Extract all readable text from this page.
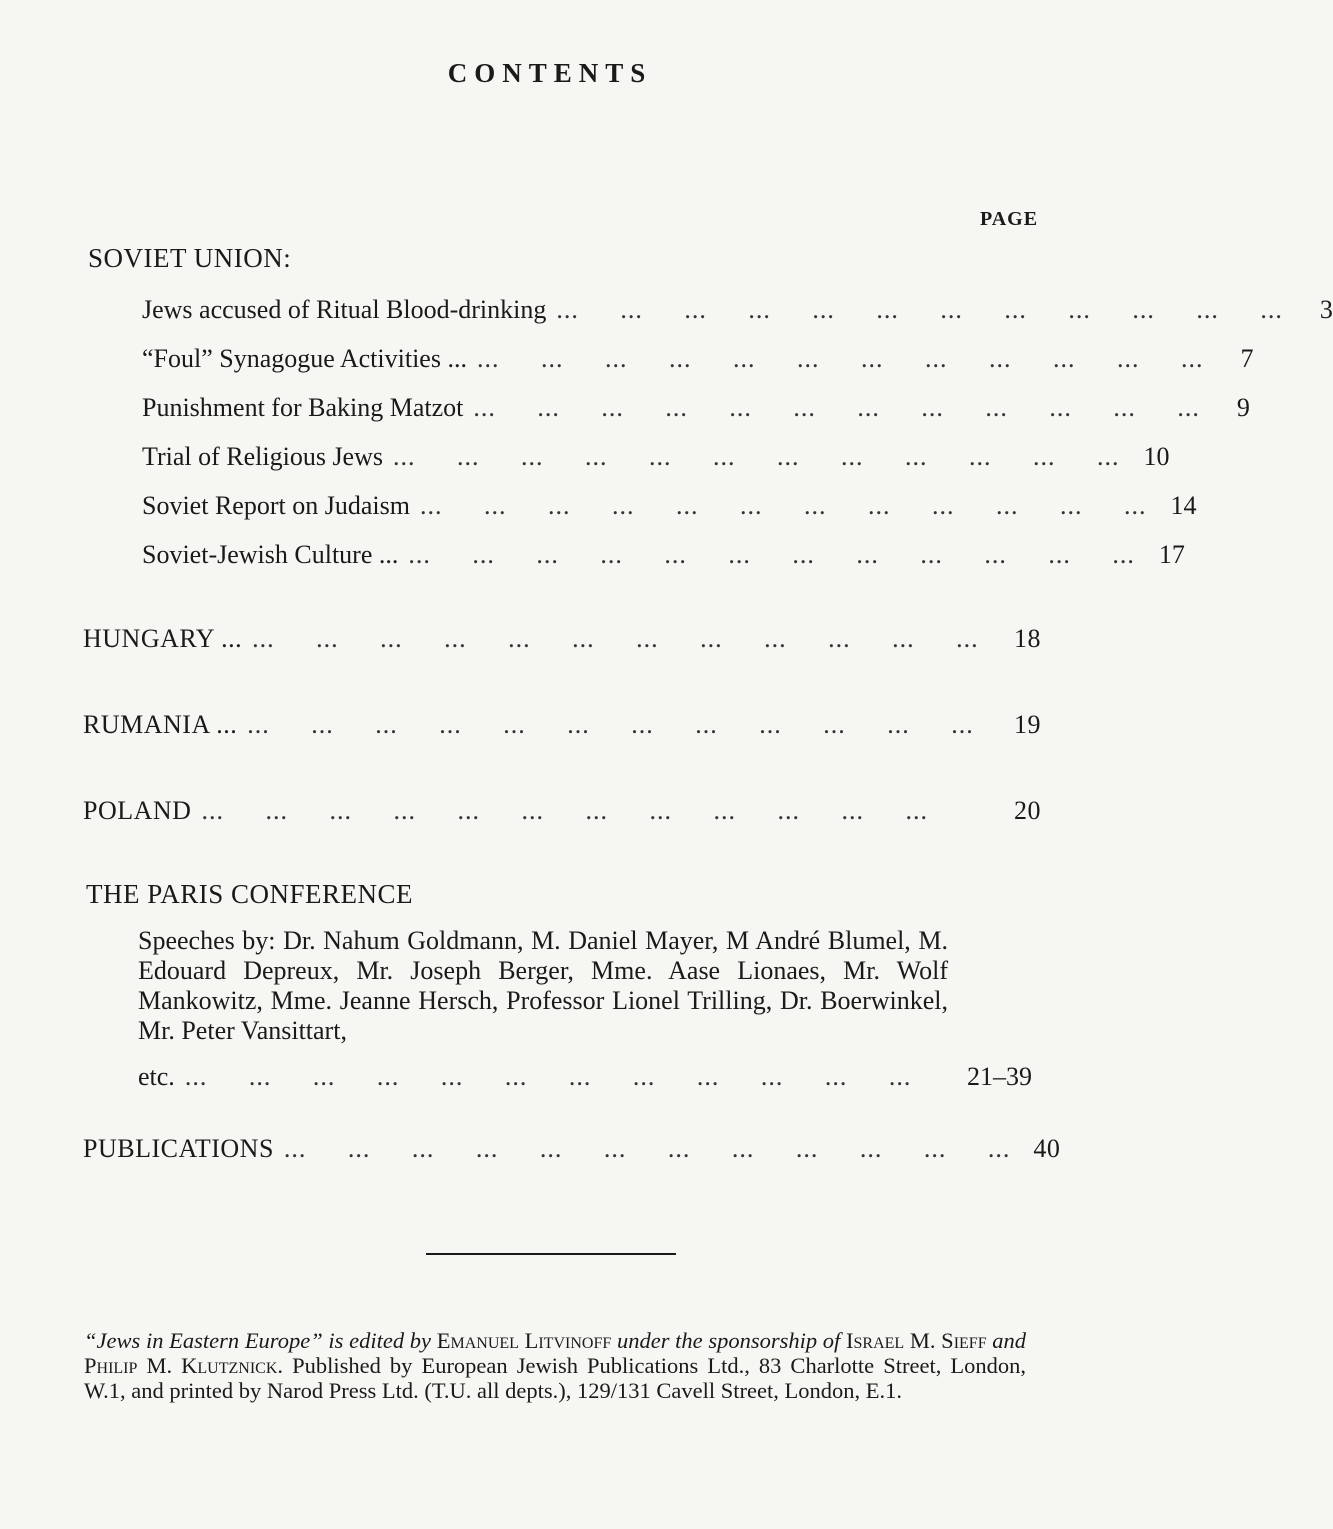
CONTENTS
PAGE
SOVIET UNION:
Jews accused of Ritual Blood-drinking ... ... ... ... ... ... ... ... ... ... ... ...	3
“Foul” Synagogue Activities ... ... ... ... ... ... ... ... ... ... ... ... ...	7
Punishment for Baking Matzot ... ... ... ... ... ... ... ... ... ... ... ...	9
Trial of Religious Jews ... ... ... ... ... ... ... ... ... ... ... ... 10
Soviet Report on Judaism ... ... ... ... ... ... ... ... ... ... ... ... 14
Soviet-Jewish Culture ... ... ... ... ... ... ... ... ... ... ... ... ... 17
HUNGARY ... ... ... ... ... ... ... ... ... ... ... ... ...	18
RUMANIA ... ... ... ... ... ... ... ... ... ... ... ... ...	19
POLAND ... ... ... ... ... ... ... ... ... ... ... ...	20
THE PARIS CONFERENCE
Speeches by: Dr. Nahum Goldmann, M. Daniel Mayer, M André Blumel, M. Edouard Depreux, Mr. Joseph Berger, Mme. Aase Lionaes, Mr. Wolf Mankowitz, Mme. Jeanne Hersch, Professor Lionel Trilling, Dr. Boerwinkel, Mr. Peter Vansittart,
etc. ... ... ... ... ... ... ... ... ... ... ... ...	21–39
PUBLICATIONS ... ... ... ... ... ... ... ... ... ... ... ... 40
“Jews in Eastern Europe” is edited by Emanuel Litvinoff under the sponsorship of Israel M. Sieff and Philip M. Klutznick. Published by European Jewish Publications Ltd., 83 Charlotte Street, London, W.1, and printed by Narod Press Ltd. (T.U. all depts.), 129/131 Cavell Street, London, E.1.
